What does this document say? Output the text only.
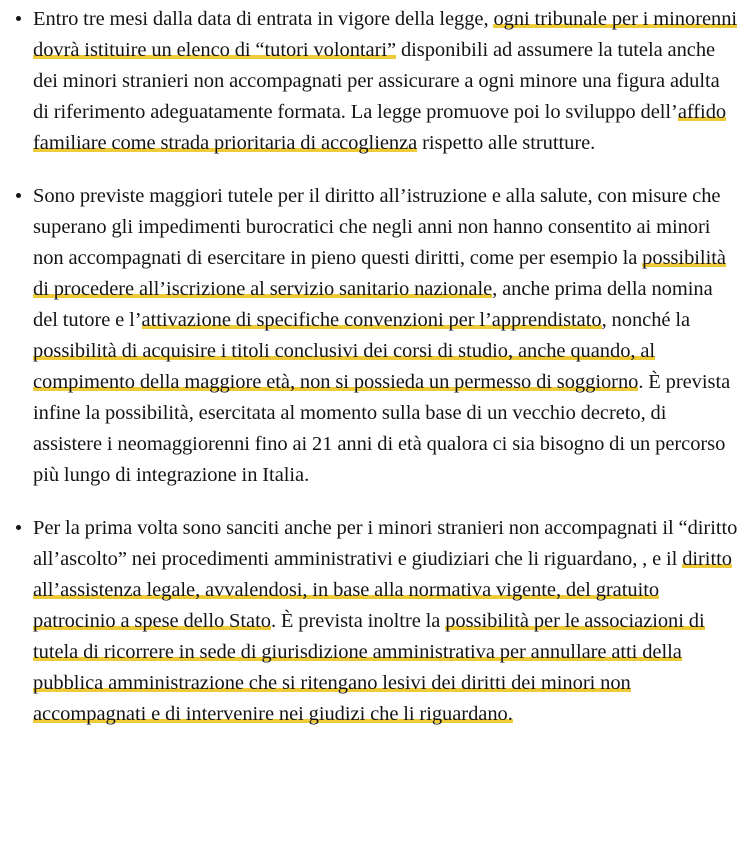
Entro tre mesi dalla data di entrata in vigore della legge, ogni tribunale per i minorenni dovrà istituire un elenco di “tutori volontari” disponibili ad assumere la tutela anche dei minori stranieri non accompagnati per assicurare a ogni minore una figura adulta di riferimento adeguatamente formata. La legge promuove poi lo sviluppo dell’affido familiare come strada prioritaria di accoglienza rispetto alle strutture.
Sono previste maggiori tutele per il diritto all’istruzione e alla salute, con misure che superano gli impedimenti burocratici che negli anni non hanno consentito ai minori non accompagnati di esercitare in pieno questi diritti, come per esempio la possibilità di procedere all’iscrizione al servizio sanitario nazionale, anche prima della nomina del tutore e l’attivazione di specifiche convenzioni per l’apprendistato, nonché la possibilità di acquisire i titoli conclusivi dei corsi di studio, anche quando, al compimento della maggiore età, non si possieda un permesso di soggiorno. È prevista infine la possibilità, esercitata al momento sulla base di un vecchio decreto, di assistere i neomaggiorenni fino ai 21 anni di età qualora ci sia bisogno di un percorso più lungo di integrazione in Italia.
Per la prima volta sono sanciti anche per i minori stranieri non accompagnati il “diritto all’ascolto” nei procedimenti amministrativi e giudiziari che li riguardano, , e il diritto all’assistenza legale, avvalendosi, in base alla normativa vigente, del gratuito patrocinio a spese dello Stato. È prevista inoltre la possibilità per le associazioni di tutela di ricorrere in sede di giurisdizione amministrativa per annullare atti della pubblica amministrazione che si ritengano lesivi dei diritti dei minori non accompagnati e di intervenire nei giudizi che li riguardano.
